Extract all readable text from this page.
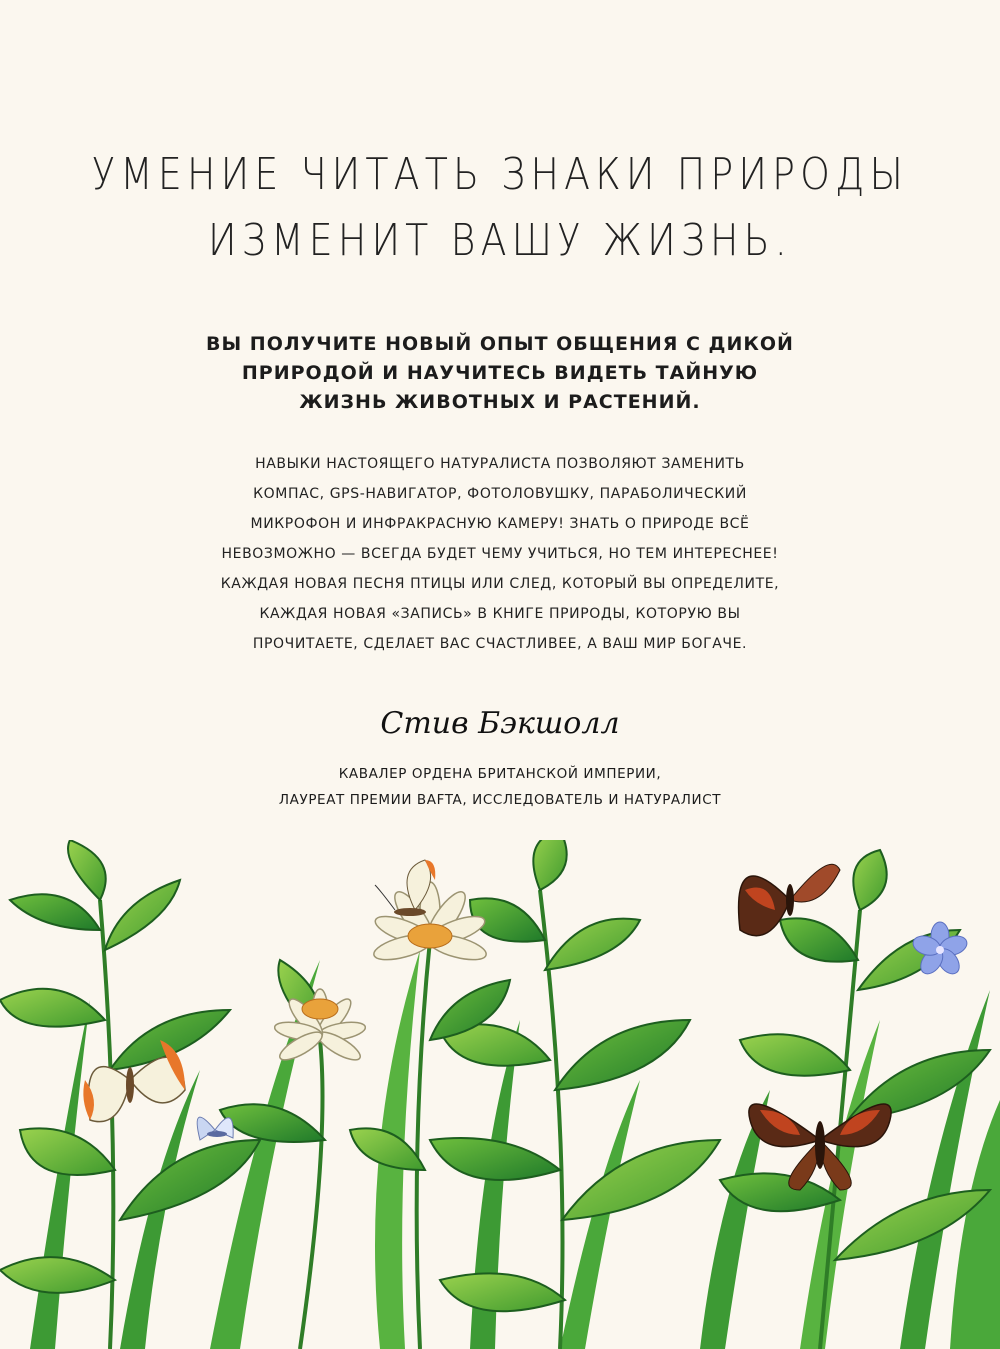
УМЕНИЕ ЧИТАТЬ ЗНАКИ ПРИРОДЫ
ИЗМЕНИТ ВАШУ ЖИЗНЬ.
ВЫ ПОЛУЧИТЕ НОВЫЙ ОПЫТ ОБЩЕНИЯ С ДИКОЙ
ПРИРОДОЙ И НАУЧИТЕСЬ ВИДЕТЬ ТАЙНУЮ
ЖИЗНЬ ЖИВОТНЫХ И РАСТЕНИЙ.
НАВЫКИ НАСТОЯЩЕГО НАТУРАЛИСТА ПОЗВОЛЯЮТ ЗАМЕНИТЬ
КОМПАС, GPS-НАВИГАТОР, ФОТОЛОВУШКУ, ПАРАБОЛИЧЕСКИЙ
МИКРОФОН И ИНФРАКРАСНУЮ КАМЕРУ! ЗНАТЬ О ПРИРОДЕ ВСЁ
НЕВОЗМОЖНО — ВСЕГДА БУДЕТ ЧЕМУ УЧИТЬСЯ, НО ТЕМ ИНТЕРЕСНЕЕ!
КАЖДАЯ НОВАЯ ПЕСНЯ ПТИЦЫ ИЛИ СЛЕД, КОТОРЫЙ ВЫ ОПРЕДЕЛИТЕ,
КАЖДАЯ НОВАЯ «ЗАПИСЬ» В КНИГЕ ПРИРОДЫ, КОТОРУЮ ВЫ
ПРОЧИТАЕТЕ, СДЕЛАЕТ ВАС СЧАСТЛИВЕЕ, А ВАШ МИР БОГАЧЕ.
Стив Бэкшолл
КАВАЛЕР ОРДЕНА БРИТАНСКОЙ ИМПЕРИИ,
ЛАУРЕАТ ПРЕМИИ BAFTA, ИССЛЕДОВАТЕЛЬ И НАТУРАЛИСТ
